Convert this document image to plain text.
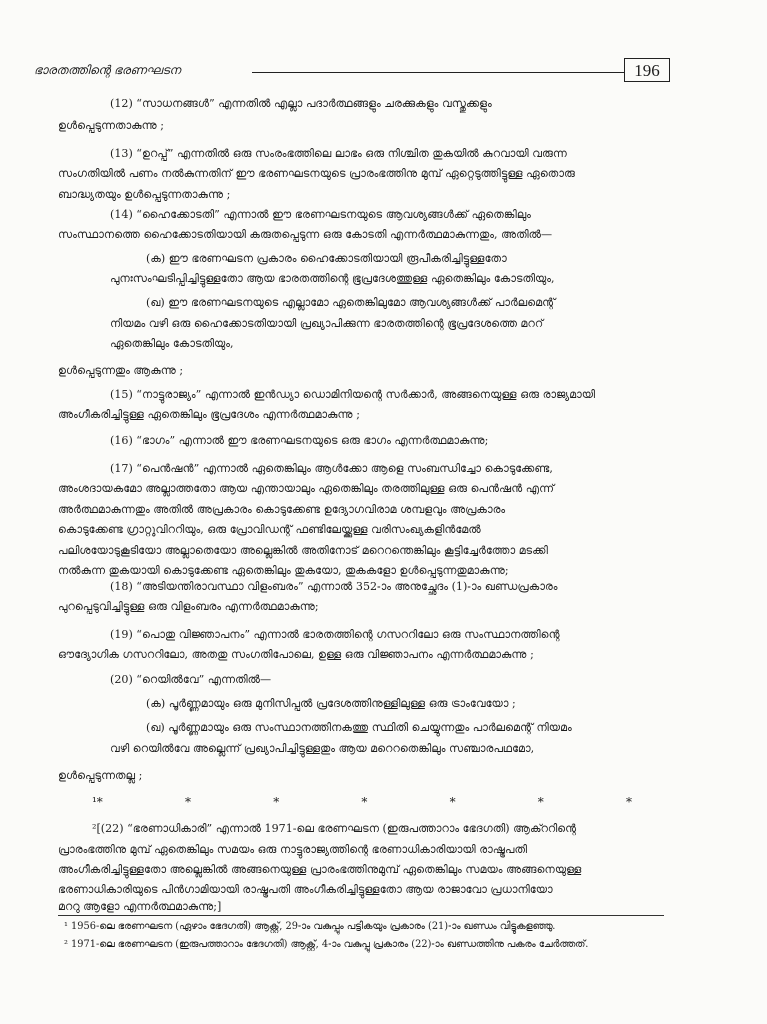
ഭാരതത്തിന്റെ ഭരണഘടന	196
(12) “സാധനങ്ങൾ” എന്നതിൽ എല്ലാ പദാർത്ഥങ്ങളും ചരക്കുകളും വസ്തുക്കളും
ഉൾപ്പെടുന്നതാകുന്നു ;
(13) “ഉറപ്പ്” എന്നതിൽ ഒരു സംരംഭത്തിലെ ലാഭം ഒരു നിശ്ചിത തുകയിൽ കുറവായി വരുന്ന
സംഗതിയിൽ പണം നൽകുന്നതിന് ഈ ഭരണഘടനയുടെ പ്രാരംഭത്തിനു മുമ്പ് ഏറ്റെടുത്തിട്ടുള്ള ഏതൊരു
ബാദ്ധ്യതയും ഉൾപ്പെടുന്നതാകുന്നു ;
(14) “ഹൈക്കോടതി” എന്നാൽ ഈ ഭരണഘടനയുടെ ആവശ്യങ്ങൾക്ക് ഏതെങ്കിലും
സംസ്ഥാനത്തെ ഹൈക്കോടതിയായി കരുതപ്പെടുന്ന ഒരു കോടതി എന്നർത്ഥമാകുന്നതും, അതിൽ—
(ക) ഈ ഭരണഘടന പ്രകാരം ഹൈക്കോടതിയായി രൂപീകരിച്ചിട്ടുള്ളതോ
പുനഃസംഘടിപ്പിച്ചിട്ടുള്ളതോ ആയ ഭാരതത്തിന്റെ ഭൂപ്രദേശത്തുള്ള ഏതെങ്കിലും കോടതിയും,
(ഖ) ഈ ഭരണഘടനയുടെ എല്ലാമോ ഏതെങ്കിലുമോ ആവശ്യങ്ങൾക്ക് പാർലമെന്റ്
നിയമം വഴി ഒരു ഹൈക്കോടതിയായി പ്രഖ്യാപിക്കുന്ന ഭാരതത്തിന്റെ ഭൂപ്രദേശത്തെ മററ്
ഏതെങ്കിലും കോടതിയും,
ഉൾപ്പെടുന്നതും ആകുന്നു ;
(15) “നാട്ടുരാജ്യം” എന്നാൽ ഇൻഡ്യാ ഡൊമിനിയന്റെ സർക്കാർ, അങ്ങനെയുള്ള ഒരു രാജ്യമായി
അംഗീകരിച്ചിട്ടുള്ള ഏതെങ്കിലും ഭൂപ്രദേശം എന്നർത്ഥമാകുന്നു ;
(16) “ഭാഗം” എന്നാൽ ഈ ഭരണഘടനയുടെ ഒരു ഭാഗം എന്നർത്ഥമാകുന്നു;
(17) “പെൻഷൻ” എന്നാൽ ഏതെങ്കിലും ആൾക്കോ ആളെ സംബന്ധിച്ചോ കൊടുക്കേണ്ട,
അംശദായകമോ അല്ലാത്തതോ ആയ എന്തായാലും ഏതെങ്കിലും തരത്തിലുള്ള ഒരു പെൻഷൻ എന്ന്
അർത്ഥമാകുന്നതും അതിൽ അപ്രകാരം കൊടുക്കേണ്ട ഉദ്യോഗവിരാമ ശമ്പളവും അപ്രകാരം
കൊടുക്കേണ്ട ഗ്രാറ്റുവിററിയും, ഒരു പ്രോവിഡന്റ് ഫണ്ടിലേയ്ക്കുള്ള വരിസംഖ്യകളിൻമേൽ
പലിശയോടുകൂടിയോ അല്ലാതെയോ അല്ലെങ്കിൽ അതിനോട് മറെറന്തെങ്കിലും കൂട്ടിച്ചേർത്തോ മടക്കി
നൽകുന്ന തുകയായി കൊടുക്കേണ്ട ഏതെങ്കിലും തുകയോ, തുകകളോ ഉൾപ്പെടുന്നതുമാകുന്നു;
(18) “അടിയന്തിരാവസ്ഥാ വിളംബരം” എന്നാൽ 352-ാം അനുച്ഛേദം (1)-ാം ഖണ്ഡപ്രകാരം
പുറപ്പെടുവിച്ചിട്ടുള്ള ഒരു വിളംബരം എന്നർത്ഥമാകുന്നു;
(19) “പൊതു വിജ്ഞാപനം” എന്നാൽ ഭാരതത്തിന്റെ ഗസററിലോ ഒരു സംസ്ഥാനത്തിന്റെ
ഔദ്യോഗിക ഗസററിലോ, അതതു സംഗതിപോലെ, ഉള്ള ഒരു വിജ്ഞാപനം എന്നർത്ഥമാകുന്നു ;
(20) “റെയിൽവേ” എന്നതിൽ—
(ക) പൂർണ്ണമായും ഒരു മുനിസിപ്പൽ പ്രദേശത്തിനുള്ളിലുള്ള ഒരു ട്രാംവേയോ ;
(ഖ) പൂർണ്ണമായും ഒരു സംസ്ഥാനത്തിനകത്തു സ്ഥിതി ചെയ്യുന്നതും പാർലമെന്റ് നിയമം
വഴി റെയിൽവേ അല്ലെന്ന് പ്രഖ്യാപിച്ചിട്ടുള്ളതും ആയ മറെറതെങ്കിലും സഞ്ചാരപഥമോ,
ഉൾപ്പെടുന്നതല്ല ;
¹*	*	*	*	*	*	*
²[(22) “ഭരണാധികാരി” എന്നാൽ 1971-ലെ ഭരണഘടന (ഇരുപത്താറാം ഭേദഗതി) ആക്ററിന്റെ
പ്രാരംഭത്തിനു മുമ്പ് ഏതെങ്കിലും സമയം ഒരു നാട്ടുരാജ്യത്തിന്റെ ഭരണാധികാരിയായി രാഷ്ട്രപതി
അംഗീകരിച്ചിട്ടുള്ളതോ അല്ലെങ്കിൽ അങ്ങനെയുള്ള പ്രാരംഭത്തിനുമുമ്പ് ഏതെങ്കിലും സമയം അങ്ങനെയുള്ള
ഭരണാധികാരിയുടെ പിൻഗാമിയായി രാഷ്ട്രപതി അംഗീകരിച്ചിട്ടുള്ളതോ ആയ രാജാവോ പ്രധാനിയോ
മററു ആളോ എന്നർത്ഥമാകുന്നു;]
¹ 1956-ലെ ഭരണഘടന (ഏഴാം ഭേദഗതി) ആക്റ്റ്, 29-ാം വകുപ്പും പട്ടികയും പ്രകാരം (21)-ാം ഖണ്ഡം വിട്ടുകളഞ്ഞു.
² 1971-ലെ ഭരണഘടന (ഇരുപത്താറാം ഭേദഗതി) ആക്റ്റ്, 4-ാം വകുപ്പു പ്രകാരം (22)-ാം ഖണ്ഡത്തിനു പകരം ചേർത്തത്.
